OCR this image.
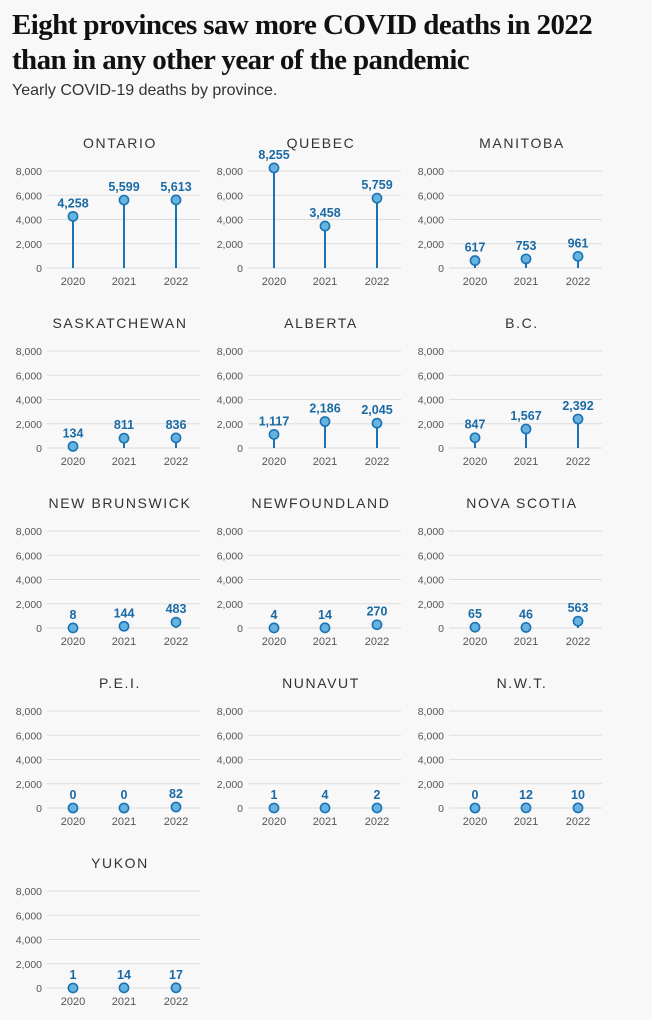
Eight provinces saw more COVID deaths in 2022 than in any other year of the pandemic

Yearly COVID-19 deaths by province.

ONTARIO
0
2,000
4,000
6,000
8,000
4,258
2020
5,599
2021
5,613
2022
QUEBEC
0
2,000
4,000
6,000
8,000
8,255
2020
3,458
2021
5,759
2022
MANITOBA
0
2,000
4,000
6,000
8,000
617
2020
753
2021
961
2022
SASKATCHEWAN
0
2,000
4,000
6,000
8,000
134
2020
811
2021
836
2022
ALBERTA
0
2,000
4,000
6,000
8,000
1,117
2020
2,186
2021
2,045
2022
B.C.
0
2,000
4,000
6,000
8,000
847
2020
1,567
2021
2,392
2022
NEW BRUNSWICK
0
2,000
4,000
6,000
8,000
8
2020
144
2021
483
2022
NEWFOUNDLAND
0
2,000
4,000
6,000
8,000
4
2020
14
2021
270
2022
NOVA SCOTIA
0
2,000
4,000
6,000
8,000
65
2020
46
2021
563
2022
P.E.I.
0
2,000
4,000
6,000
8,000
0
2020
0
2021
82
2022
NUNAVUT
0
2,000
4,000
6,000
8,000
1
2020
4
2021
2
2022
N.W.T.
0
2,000
4,000
6,000
8,000
0
2020
12
2021
10
2022
YUKON
0
2,000
4,000
6,000
8,000
1
2020
14
2021
17
2022
